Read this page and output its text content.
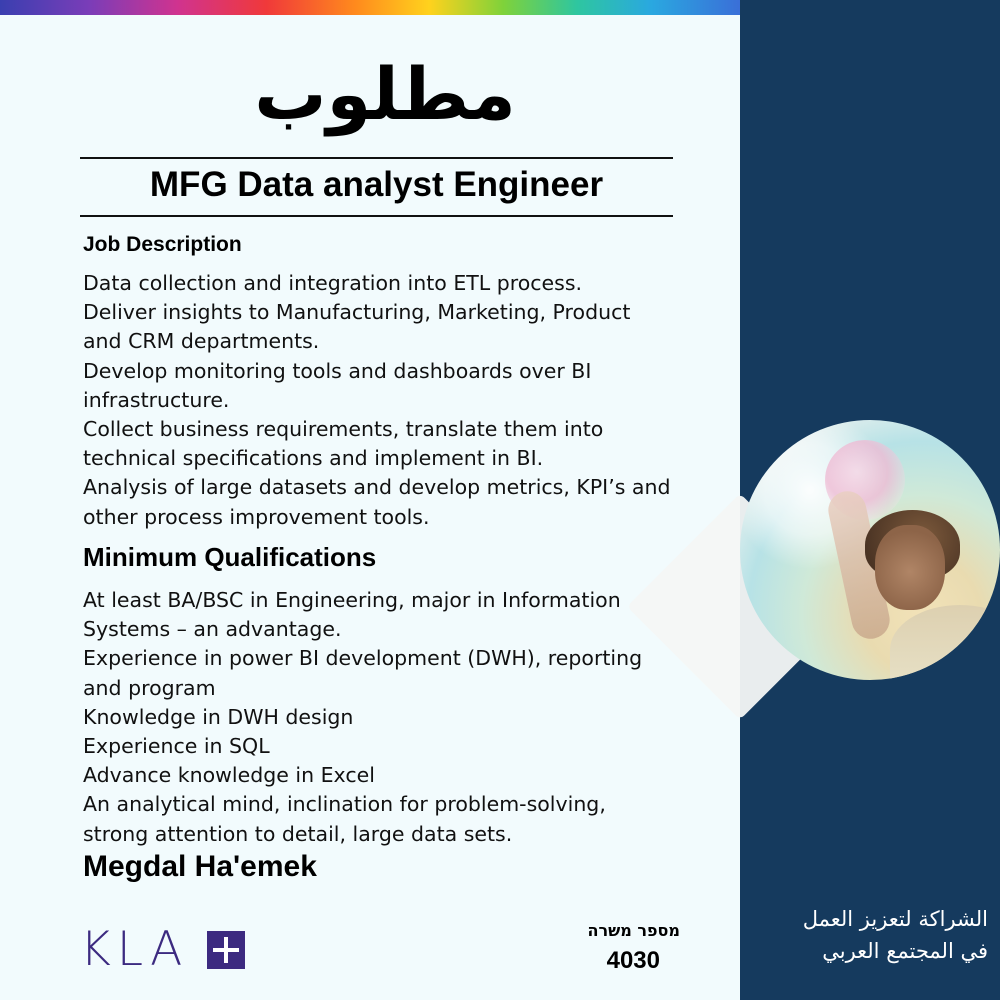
مطلوب
MFG Data analyst Engineer
Job Description
Data collection and integration into ETL process.
Deliver insights to Manufacturing, Marketing, Product
and CRM departments.
Develop monitoring tools and dashboards over BI
infrastructure.
Collect business requirements, translate them into
technical specifications and implement in BI.
Analysis of large datasets and develop metrics, KPI’s and
other process improvement tools.
Minimum Qualifications
At least BA/BSC in Engineering, major in Information
Systems – an advantage.
Experience in power BI development (DWH), reporting
and program
Knowledge in DWH design
Experience in SQL
Advance knowledge in Excel
An analytical mind, inclination for problem-solving,
strong attention to detail, large data sets.
Megdal Ha'emek
KLA	מספר משרה
4030
الشراكة لتعزيز العمل
في المجتمع العربي
